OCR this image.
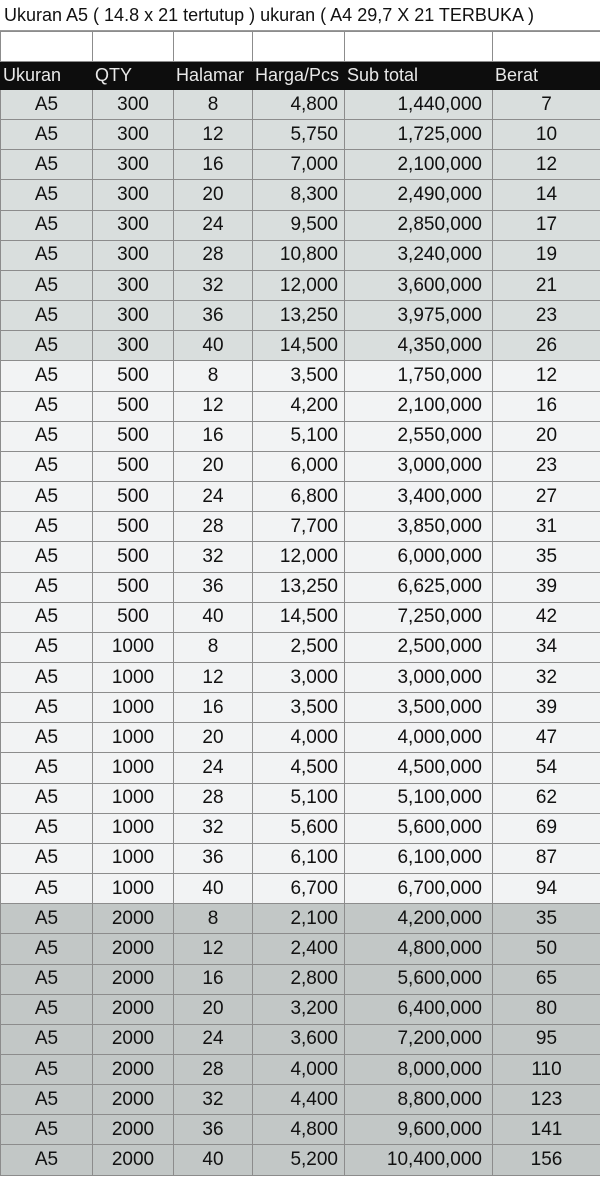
Ukuran A5 ( 14.8 x 21 tertutup ) ukuran ( A4 29,7 X 21 TERBUKA )

Ukuran	QTY	Halamar	Harga/Pcs	Sub total	Berat
A5	300	8	4,800	1,440,000	7
A5	300	12	5,750	1,725,000	10
A5	300	16	7,000	2,100,000	12
A5	300	20	8,300	2,490,000	14
A5	300	24	9,500	2,850,000	17
A5	300	28	10,800	3,240,000	19
A5	300	32	12,000	3,600,000	21
A5	300	36	13,250	3,975,000	23
A5	300	40	14,500	4,350,000	26
A5	500	8	3,500	1,750,000	12
A5	500	12	4,200	2,100,000	16
A5	500	16	5,100	2,550,000	20
A5	500	20	6,000	3,000,000	23
A5	500	24	6,800	3,400,000	27
A5	500	28	7,700	3,850,000	31
A5	500	32	12,000	6,000,000	35
A5	500	36	13,250	6,625,000	39
A5	500	40	14,500	7,250,000	42
A5	1000	8	2,500	2,500,000	34
A5	1000	12	3,000	3,000,000	32
A5	1000	16	3,500	3,500,000	39
A5	1000	20	4,000	4,000,000	47
A5	1000	24	4,500	4,500,000	54
A5	1000	28	5,100	5,100,000	62
A5	1000	32	5,600	5,600,000	69
A5	1000	36	6,100	6,100,000	87
A5	1000	40	6,700	6,700,000	94
A5	2000	8	2,100	4,200,000	35
A5	2000	12	2,400	4,800,000	50
A5	2000	16	2,800	5,600,000	65
A5	2000	20	3,200	6,400,000	80
A5	2000	24	3,600	7,200,000	95
A5	2000	28	4,000	8,000,000	110
A5	2000	32	4,400	8,800,000	123
A5	2000	36	4,800	9,600,000	141
A5	2000	40	5,200	10,400,000	156
